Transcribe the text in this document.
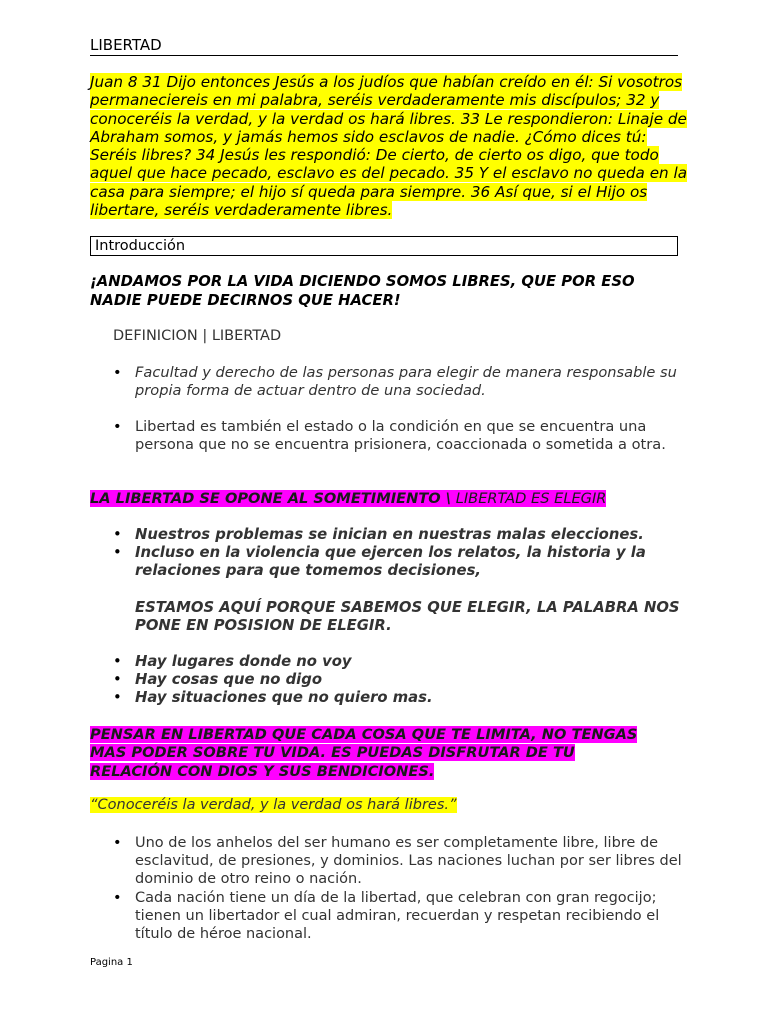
LIBERTAD
Juan 8 31 Dijo entonces Jesús a los judíos que habían creído en él: Si vosotros permaneciereis en mi palabra, seréis verdaderamente mis discípulos; 32 y conoceréis la verdad, y la verdad os hará libres. 33 Le respondieron: Linaje de Abraham somos, y jamás hemos sido esclavos de nadie. ¿Cómo dices tú: Seréis libres? 34 Jesús les respondió: De cierto, de cierto os digo, que todo aquel que hace pecado, esclavo es del pecado. 35 Y el esclavo no queda en la casa para siempre; el hijo sí queda para siempre. 36 Así que, si el Hijo os libertare, seréis verdaderamente libres.
Introducción
¡ANDAMOS POR LA VIDA DICIENDO SOMOS LIBRES, QUE POR ESO NADIE PUEDE DECIRNOS QUE HACER!
DEFINICION | LIBERTAD
• Facultad y derecho de las personas para elegir de manera responsable su propia forma de actuar dentro de una sociedad.
• Libertad es también el estado o la condición en que se encuentra una persona que no se encuentra prisionera, coaccionada o sometida a otra.
LA LIBERTAD SE OPONE AL SOMETIMIENTO \ LIBERTAD ES ELEGIR
• Nuestros problemas se inician en nuestras malas elecciones.
• Incluso en la violencia que ejercen los relatos, la historia y la relaciones para que tomemos decisiones,
ESTAMOS AQUÍ PORQUE SABEMOS QUE ELEGIR, LA PALABRA NOS PONE EN POSISION DE ELEGIR.
• Hay lugares donde no voy
• Hay cosas que no digo
• Hay situaciones que no quiero mas.
PENSAR EN LIBERTAD QUE CADA COSA QUE TE LIMITA, NO TENGAS
MAS PODER SOBRE TU VIDA. ES PUEDAS DISFRUTAR DE TU
RELACIÓN CON DIOS Y SUS BENDICIONES.
“Conoceréis la verdad, y la verdad os hará libres.”
• Uno de los anhelos del ser humano es ser completamente libre, libre de esclavitud, de presiones, y dominios. Las naciones luchan por ser libres del dominio de otro reino o nación.
• Cada nación tiene un día de la libertad, que celebran con gran regocijo; tienen un libertador el cual admiran, recuerdan y respetan recibiendo el título de héroe nacional.
Pagina 1
